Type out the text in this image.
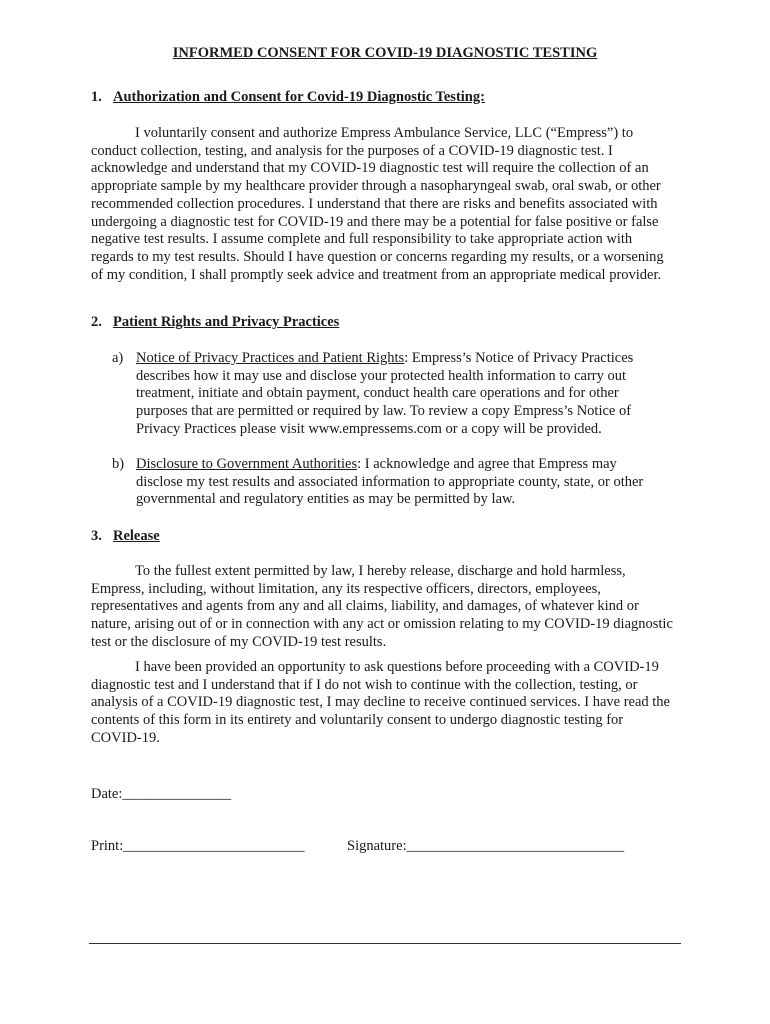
INFORMED CONSENT FOR COVID-19 DIAGNOSTIC TESTING
1. Authorization and Consent for Covid-19 Diagnostic Testing:

I voluntarily consent and authorize Empress Ambulance Service, LLC (“Empress”) to conduct collection, testing, and analysis for the purposes of a COVID-19 diagnostic test. I acknowledge and understand that my COVID-19 diagnostic test will require the collection of an appropriate sample by my healthcare provider through a nasopharyngeal swab, oral swab, or other recommended collection procedures. I understand that there are risks and benefits associated with undergoing a diagnostic test for COVID-19 and there may be a potential for false positive or false negative test results. I assume complete and full responsibility to take appropriate action with regards to my test results. Should I have question or concerns regarding my results, or a worsening of my condition, I shall promptly seek advice and treatment from an appropriate medical provider.

2. Patient Rights and Privacy Practices
a) Notice of Privacy Practices and Patient Rights: Empress’s Notice of Privacy Practices describes how it may use and disclose your protected health information to carry out treatment, initiate and obtain payment, conduct health care operations and for other purposes that are permitted or required by law. To review a copy Empress’s Notice of Privacy Practices please visit www.empressems.com or a copy will be provided.
b) Disclosure to Government Authorities: I acknowledge and agree that Empress may disclose my test results and associated information to appropriate county, state, or other governmental and regulatory entities as may be permitted by law.
3. Release

To the fullest extent permitted by law, I hereby release, discharge and hold harmless, Empress, including, without limitation, any its respective officers, directors, employees, representatives and agents from any and all claims, liability, and damages, of whatever kind or nature, arising out of or in connection with any act or omission relating to my COVID-19 diagnostic test or the disclosure of my COVID-19 test results.

I have been provided an opportunity to ask questions before proceeding with a COVID-19 diagnostic test and I understand that if I do not wish to continue with the collection, testing, or analysis of a COVID-19 diagnostic test, I may decline to receive continued services. I have read the contents of this form in its entirety and voluntarily consent to undergo diagnostic testing for COVID-19.

Date:_______________
Print:_________________________	Signature:______________________________
